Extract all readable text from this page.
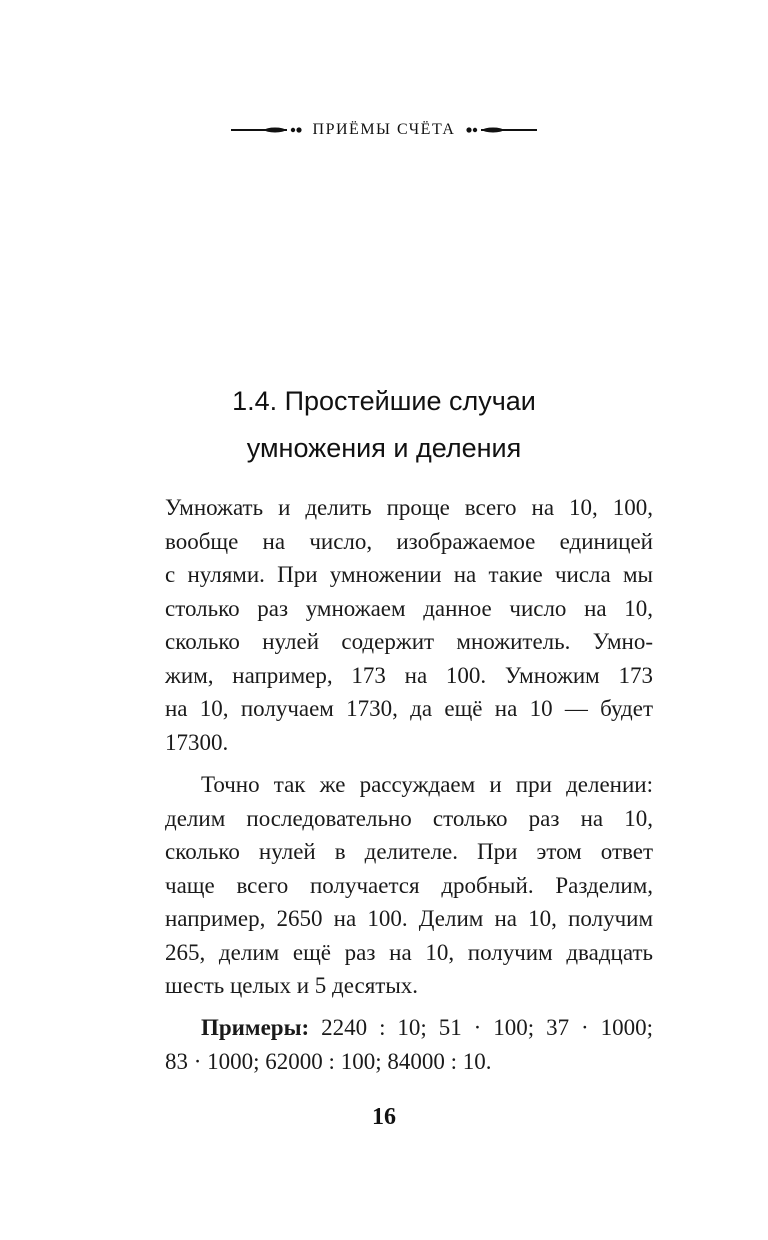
ПРИЁМЫ СЧЁТА
1.4. Простейшие случаи
умножения и деления
Умножать и делить проще всего на 10, 100,
вообще на число, изображаемое единицей
с нулями. При умножении на такие числа мы
столько раз умножаем данное число на 10,
сколько нулей содержит множитель. Умно-
жим, например, 173 на 100. Умножим 173
на 10, получаем 1730, да ещё на 10 — будет
17300.
Точно так же рассуждаем и при делении:
делим последовательно столько раз на 10,
сколько нулей в делителе. При этом ответ
чаще всего получается дробный. Разделим,
например, 2650 на 100. Делим на 10, получим
265, делим ещё раз на 10, получим двадцать
шесть целых и 5 десятых.
Примеры: 2240 : 10; 51 · 100; 37 · 1000;
83 · 1000; 62000 : 100; 84000 : 10.
16
